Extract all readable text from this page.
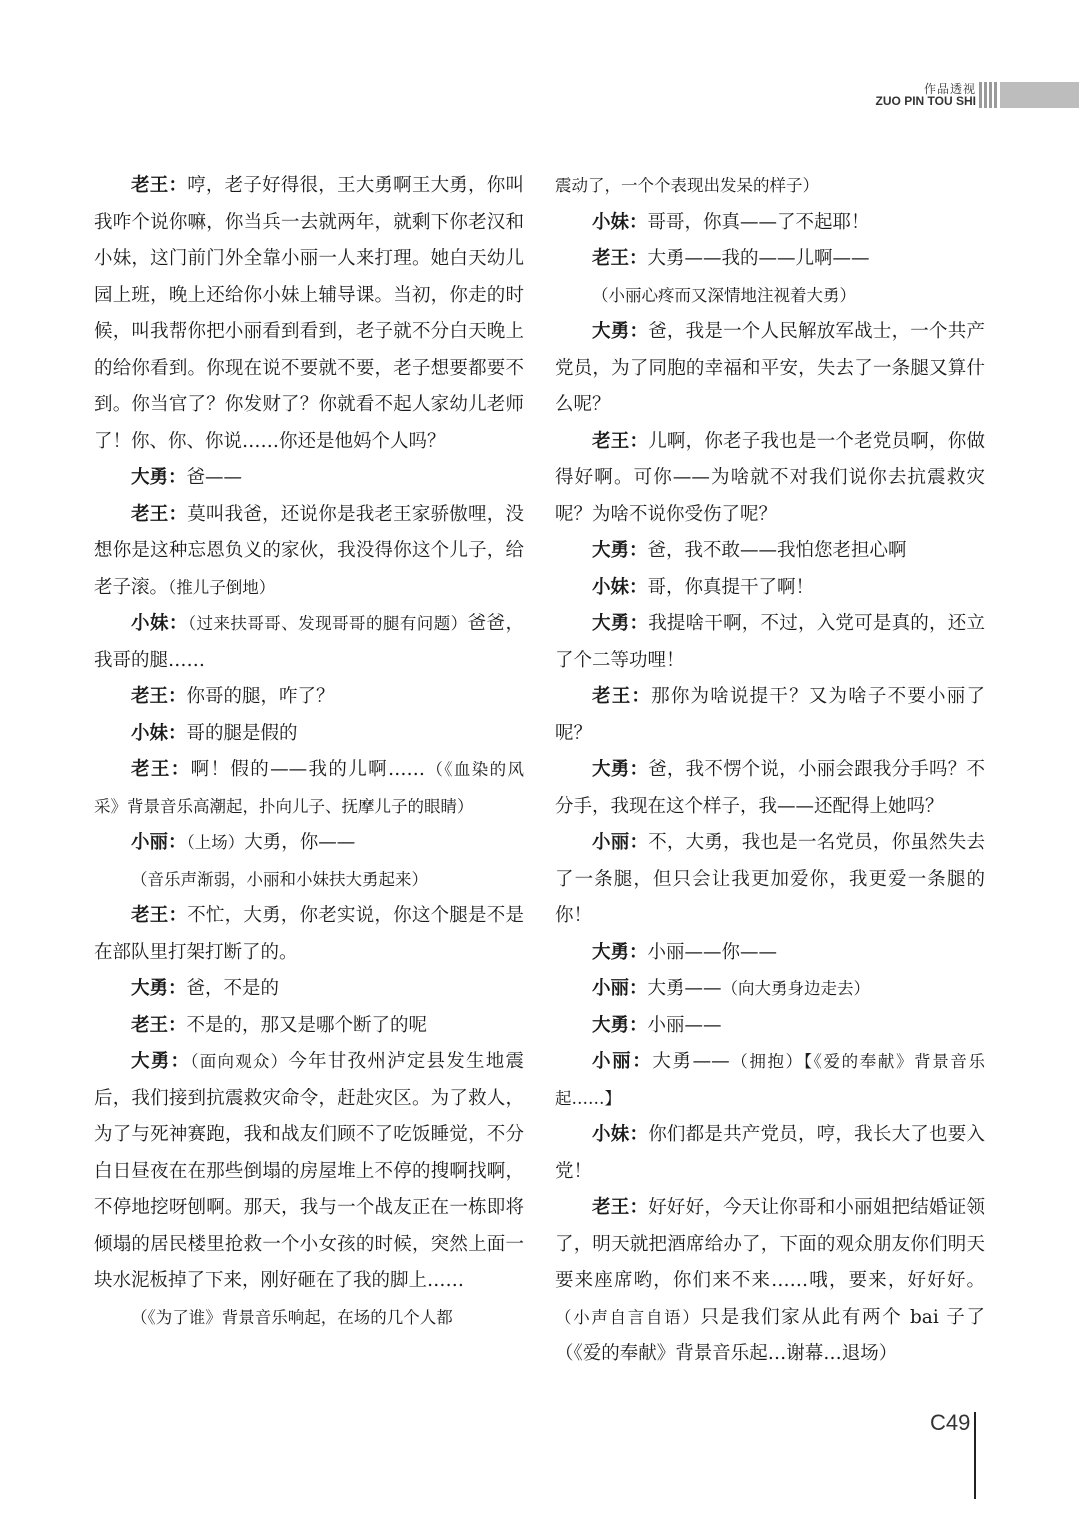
作品透视
ZUO PIN TOU SHI

老王：哼，老子好得很，王大勇啊王大勇，你叫我咋个说你嘛，你当兵一去就两年，就剩下你老汉和小妹，这门前门外全靠小丽一人来打理。她白天幼儿园上班，晚上还给你小妹上辅导课。当初，你走的时候，叫我帮你把小丽看到看到，老子就不分白天晚上的给你看到。你现在说不要就不要，老子想要都要不到。你当官了？你发财了？你就看不起人家幼儿老师了！你、你、你说……你还是他妈个人吗？

大勇：爸——

老王：莫叫我爸，还说你是我老王家骄傲哩，没想你是这种忘恩负义的家伙，我没得你这个儿子，给老子滚。（推儿子倒地）

小妹：（过来扶哥哥、发现哥哥的腿有问题）爸爸，我哥的腿……

老王：你哥的腿，咋了？

小妹：哥的腿是假的

老王：啊！假的——我的儿啊……（《血染的风采》背景音乐高潮起，扑向儿子、抚摩儿子的眼睛）

小丽：（上场）大勇，你——

（音乐声渐弱，小丽和小妹扶大勇起来）

老王：不忙，大勇，你老实说，你这个腿是不是在部队里打架打断了的。

大勇：爸，不是的

老王：不是的，那又是哪个断了的呢

大勇：（面向观众）今年甘孜州泸定县发生地震后，我们接到抗震救灾命令，赶赴灾区。为了救人，为了与死神赛跑，我和战友们顾不了吃饭睡觉，不分白日昼夜在在那些倒塌的房屋堆上不停的搜啊找啊，不停地挖呀刨啊。那天，我与一个战友正在一栋即将倾塌的居民楼里抢救一个小女孩的时候，突然上面一块水泥板掉了下来，刚好砸在了我的脚上……

（《为了谁》背景音乐响起，在场的几个人都

震动了，一个个表现出发呆的样子）

小妹：哥哥，你真——了不起耶！

老王：大勇——我的——儿啊——

（小丽心疼而又深情地注视着大勇）

大勇：爸，我是一个人民解放军战士，一个共产党员，为了同胞的幸福和平安，失去了一条腿又算什么呢？

老王：儿啊，你老子我也是一个老党员啊，你做得好啊。可你——为啥就不对我们说你去抗震救灾呢？为啥不说你受伤了呢？

大勇：爸，我不敢——我怕您老担心啊

小妹：哥，你真提干了啊！

大勇：我提啥干啊，不过，入党可是真的，还立了个二等功哩！

老王：那你为啥说提干？又为啥子不要小丽了呢？

大勇：爸，我不愣个说，小丽会跟我分手吗？不分手，我现在这个样子，我——还配得上她吗？

小丽：不，大勇，我也是一名党员，你虽然失去了一条腿，但只会让我更加爱你，我更爱一条腿的你！

大勇：小丽——你——

小丽：大勇——（向大勇身边走去）

大勇：小丽——

小丽：大勇——（拥抱）【《爱的奉献》背景音乐起……】

小妹：你们都是共产党员，哼，我长大了也要入党！

老王：好好好，今天让你哥和小丽姐把结婚证领了，明天就把酒席给办了，下面的观众朋友你们明天要来座席哟，你们来不来……哦，要来，好好好。（小声自言自语）只是我们家从此有两个 bai 子了（《爱的奉献》背景音乐起…谢幕…退场）

C49
